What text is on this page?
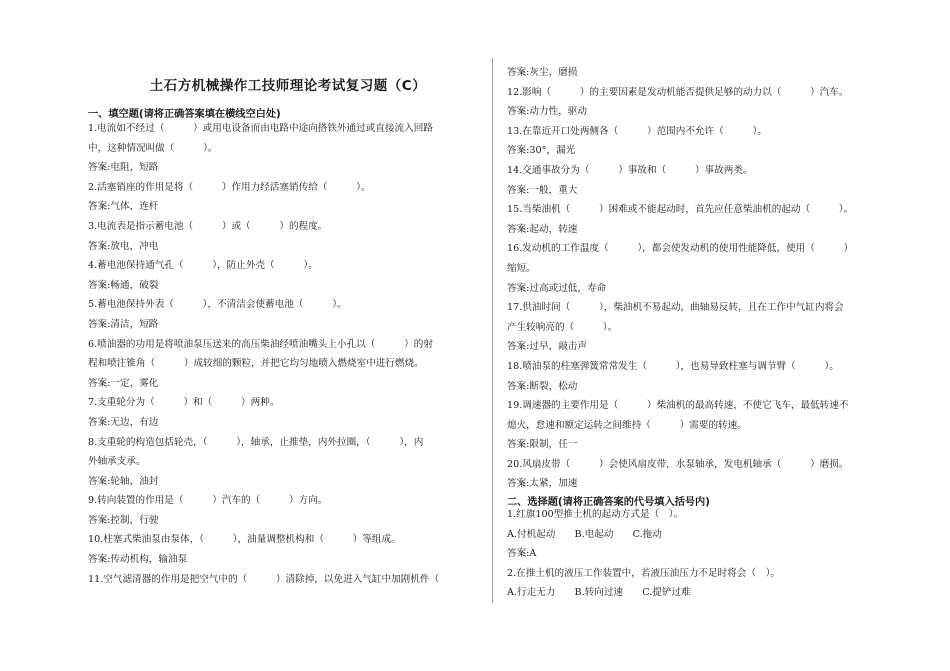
土石方机械操作工技师理论考试复习题（C）
一、填空题(请将正确答案填在横线空白处)
1.电流如不经过（　　　）或用电设备而由电路中途向搭铁外通过或直接流入回路
中，这种情况叫做（　　　）。
答案:电阻，短路
2.活塞销座的作用是将（　　　）作用力经活塞销传给（　　　）。
答案:气体，连杆
3.电流表是指示蓄电池（　　　）或（　　　）的程度。
答案:放电，冲电
4.蓄电池保持通气孔（　　　），防止外壳（　　　）。
答案:畅通，破裂
5.蓄电池保持外表（　　　），不清洁会使蓄电池（　　　）。
答案:清洁，短路
6.喷油器的功用是将喷油泵压送来的高压柴油经喷油嘴头上小孔以（　　　）的射
程和喷注锥角（　　　）成较细的颗粒，并把它均匀地喷入燃烧室中进行燃烧。
答案:一定，雾化
7.支重轮分为（　　　）和（　　　）两种。
答案:无边，有边
8.支重轮的构造包括轮壳，（　　　），轴承，止推垫，内外拉圈，（　　　），内
外轴承支承。
答案:轮轴，油封
9.转向装置的作用是（　　　）汽车的（　　　）方向。
答案:控制，行驶
10.柱塞式柴油泵由泵体，（　　　），油量调整机构和（　　　）等组成。
答案:传动机构，输油泵
11.空气滤清器的作用是把空气中的（　　　）清除掉，以免进入气缸中加剧机件（
答案:灰尘，磨损
12.影响（　　　）的主要因素是发动机能否提供足够的动力以（　　　）汽车。
答案:动力性，驱动
13.在靠近开口处两侧各（　　　）范围内不允许（　　　）。
答案:30°，漏光
14.交通事故分为（　　　）事故和（　　　）事故两类。
答案:一般，重大
15.当柴油机（　　　）困难或不能起动时，首先应任意柴油机的起动（　　　）。
答案:起动，转速
16.发动机的工作温度（　　　），都会使发动机的使用性能降低，使用（　　　）
缩短。
答案:过高或过低，寿命
17.供油时间（　　　），柴油机不易起动，曲轴易反转，且在工作中气缸内将会
产生较响亮的（　　　）。
答案:过早，敲击声
18.喷油泵的柱塞弹簧常常发生（　　　），也易导致柱塞与调节臂（　　　）。
答案:断裂，松动
19.调速器的主要作用是（　　　）柴油机的最高转速，不使它飞车，最低转速不
熄火，怠速和额定运转之间维持（　　　）需要的转速。
答案:限制，任一
20.风扇皮带（　　　）会使风扇皮带，水泵轴承，发电机轴承（　　　）磨损。
答案:太紧，加速
二、选择题(请将正确答案的代号填入括号内)
1.红旗100型推土机的起动方式是（　）。
A.付机起动　　B.电起动　　C.拖动
答案:A
2.在推土机的液压工作装置中，若液压油压力不足时将会（　）。
A.行走无力　　B.转向过速　　C.提铲过难
